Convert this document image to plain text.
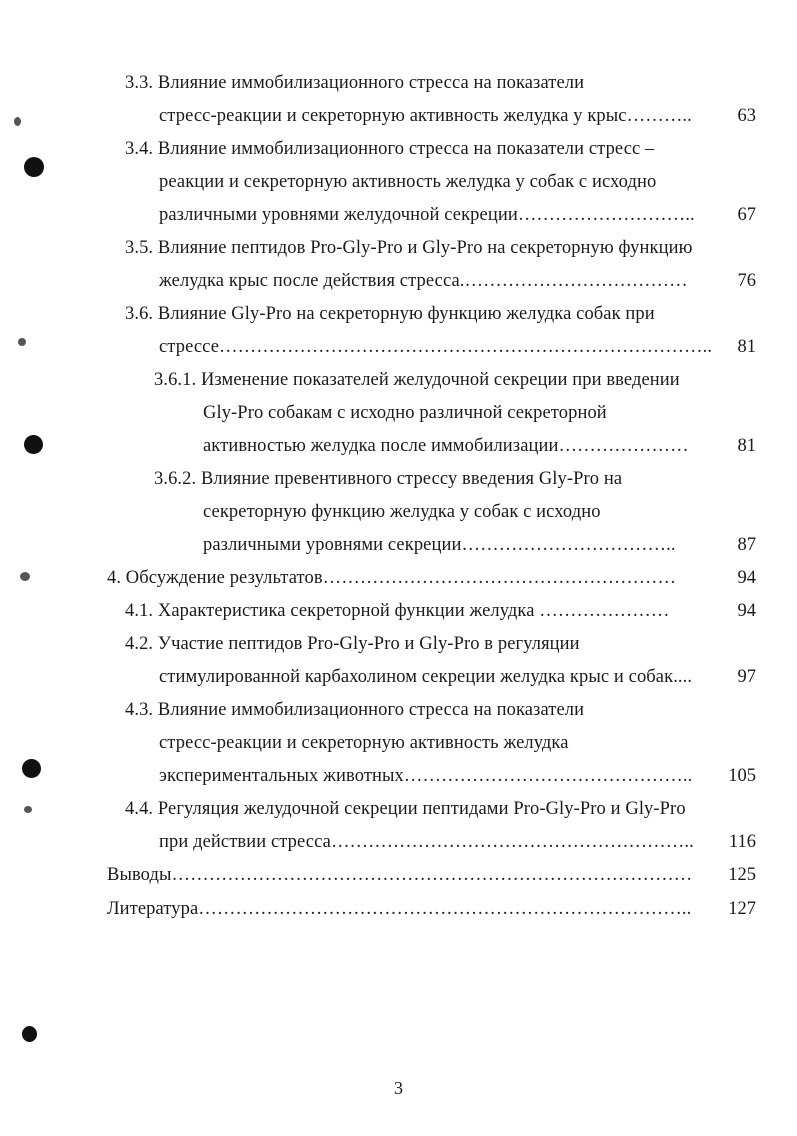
3.3. Влияние иммобилизационного стресса на показатели
стресс-реакции и секреторную активность желудка у крыс………..	63
3.4. Влияние иммобилизационного стресса на показатели стресс –
реакции и секреторную активность желудка у собак с исходно
различными уровнями желудочной секреции………………………..	67
3.5. Влияние пептидов Pro-Gly-Pro и Gly-Pro на секреторную функцию
желудка крыс после действия стресса.………………………………	76
3.6. Влияние Gly-Pro на секреторную функцию желудка собак при
стрессе……………………………………………………………………..	81
3.6.1. Изменение показателей желудочной секреции при введении
Gly-Pro собакам с исходно различной секреторной
активностью желудка после иммобилизации…………………	81
3.6.2. Влияние превентивного стрессу введения Gly-Pro на
секреторную функцию желудка у собак с исходно
различными уровнями секреции……………………………..	87
4. Обсуждение результатов…………………………………………………	94
4.1. Характеристика секреторной функции желудка …………………	94
4.2. Участие пептидов Pro-Gly-Pro и Gly-Pro в регуляции
стимулированной карбахолином секреции желудка крыс и собак....	97
4.3. Влияние иммобилизационного стресса на показатели
стресс-реакции и секреторную активность желудка
экспериментальных животных………………………………………..	105
4.4. Регуляция желудочной секреции пептидами Pro-Gly-Pro и Gly-Pro
при действии стресса…………………………………………………..	116
Выводы…………………………………………………………………………	125
Литература……………………………………………………………………..	127
3
